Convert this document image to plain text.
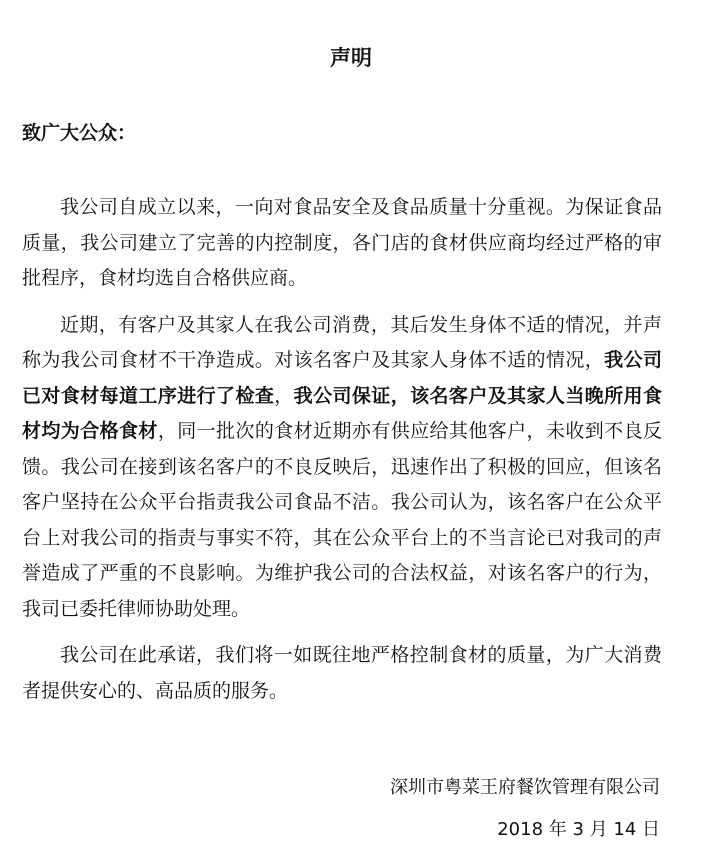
声明
致广大公众：

我公司自成立以来，一向对食品安全及食品质量十分重视。为保证食品质量，我公司建立了完善的内控制度，各门店的食材供应商均经过严格的审批程序，食材均选自合格供应商。

近期，有客户及其家人在我公司消费，其后发生身体不适的情况，并声称为我公司食材不干净造成。对该名客户及其家人身体不适的情况，我公司已对食材每道工序进行了检查，我公司保证，该名客户及其家人当晚所用食材均为合格食材，同一批次的食材近期亦有供应给其他客户，未收到不良反馈。我公司在接到该名客户的不良反映后，迅速作出了积极的回应，但该名客户坚持在公众平台指责我公司食品不洁。我公司认为，该名客户在公众平台上对我公司的指责与事实不符，其在公众平台上的不当言论已对我司的声誉造成了严重的不良影响。为维护我公司的合法权益，对该名客户的行为，我司已委托律师协助处理。

我公司在此承诺，我们将一如既往地严格控制食材的质量，为广大消费者提供安心的、高品质的服务。

深圳市粤菜王府餐饮管理有限公司
2018 年 3 月 14 日
